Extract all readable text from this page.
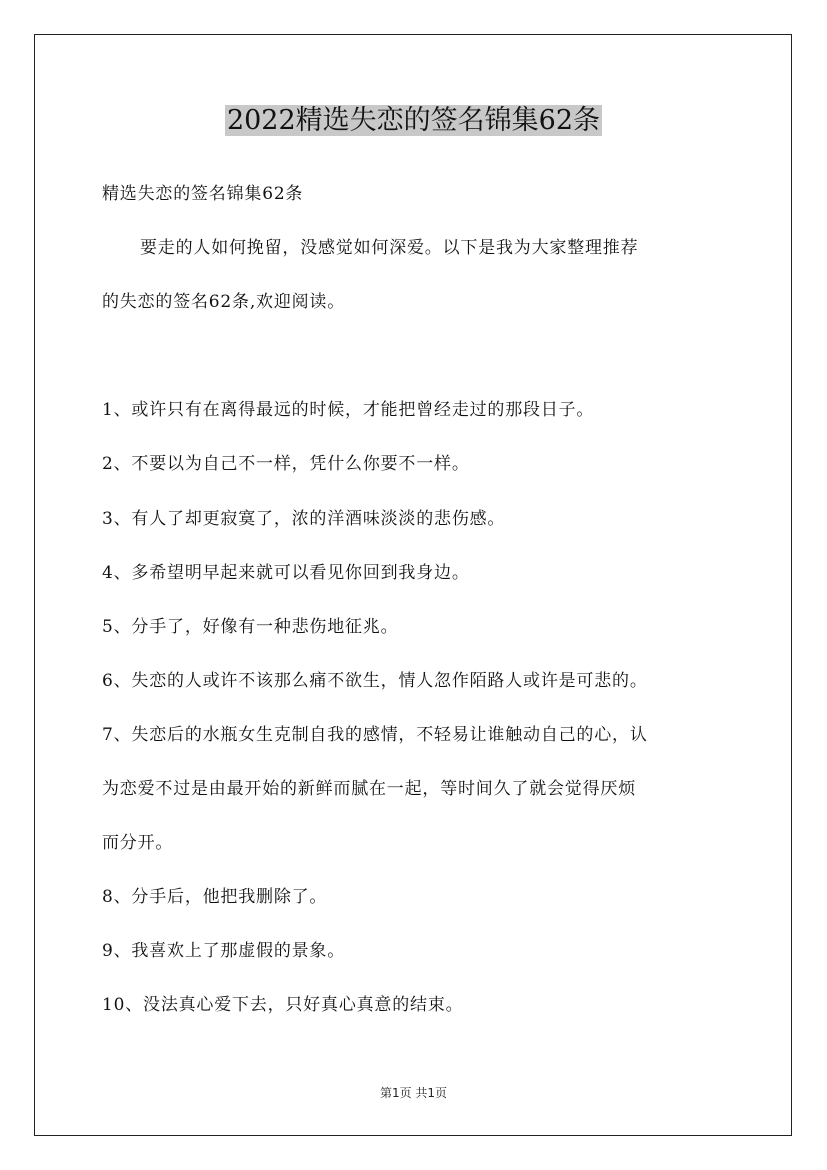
2022精选失恋的签名锦集62条
精选失恋的签名锦集62条
要走的人如何挽留，没感觉如何深爱。以下是我为大家整理推荐
的失恋的签名62条,欢迎阅读。
1、或许只有在离得最远的时候，才能把曾经走过的那段日子。
2、不要以为自己不一样，凭什么你要不一样。
3、有人了却更寂寞了，浓的洋酒味淡淡的悲伤感。
4、多希望明早起来就可以看见你回到我身边。
5、分手了，好像有一种悲伤地征兆。
6、失恋的人或许不该那么痛不欲生，情人忽作陌路人或许是可悲的。
7、失恋后的水瓶女生克制自我的感情，不轻易让谁触动自己的心，认
为恋爱不过是由最开始的新鲜而腻在一起，等时间久了就会觉得厌烦
而分开。
8、分手后，他把我删除了。
9、我喜欢上了那虚假的景象。
10、没法真心爱下去，只好真心真意的结束。
第1页 共1页
